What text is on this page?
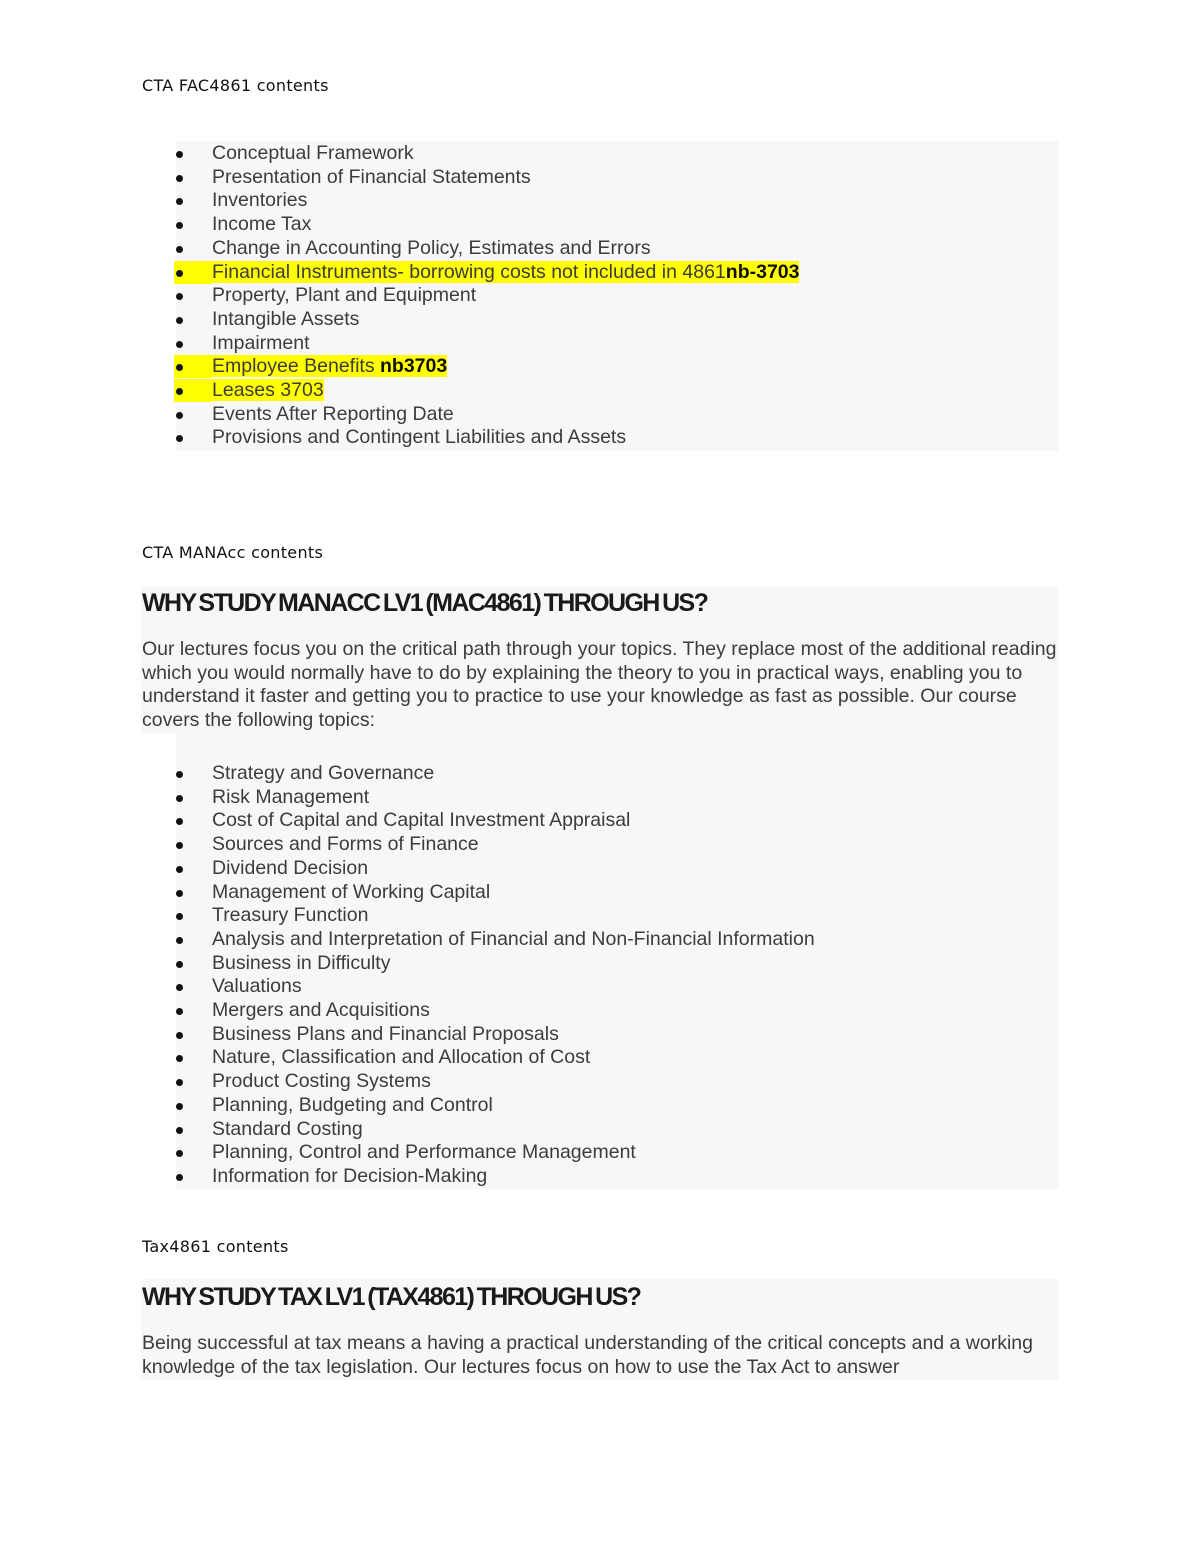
CTA FAC4861 contents
Conceptual Framework
Presentation of Financial Statements
Inventories
Income Tax
Change in Accounting Policy, Estimates and Errors
Financial Instruments- borrowing costs not included in 4861nb-3703
Property, Plant and Equipment
Intangible Assets
Impairment
Employee Benefits nb3703
Leases 3703
Events After Reporting Date
Provisions and Contingent Liabilities and Assets
CTA MANAcc contents
WHY STUDY MANACC LV1 (MAC4861) THROUGH US?

Our lectures focus you on the critical path through your topics. They replace most of the additional reading which you would normally have to do by explaining the theory to you in practical ways, enabling you to understand it faster and getting you to practice to use your knowledge as fast as possible. Our course covers the following topics:

Strategy and Governance
Risk Management
Cost of Capital and Capital Investment Appraisal
Sources and Forms of Finance
Dividend Decision
Management of Working Capital
Treasury Function
Analysis and Interpretation of Financial and Non-Financial Information
Business in Difficulty
Valuations
Mergers and Acquisitions
Business Plans and Financial Proposals
Nature, Classification and Allocation of Cost
Product Costing Systems
Planning, Budgeting and Control
Standard Costing
Planning, Control and Performance Management
Information for Decision-Making
Tax4861 contents
WHY STUDY TAX LV1 (TAX4861) THROUGH US?

Being successful at tax means a having a practical understanding of the critical concepts and a working knowledge of the tax legislation. Our lectures focus on how to use the Tax Act to answer
